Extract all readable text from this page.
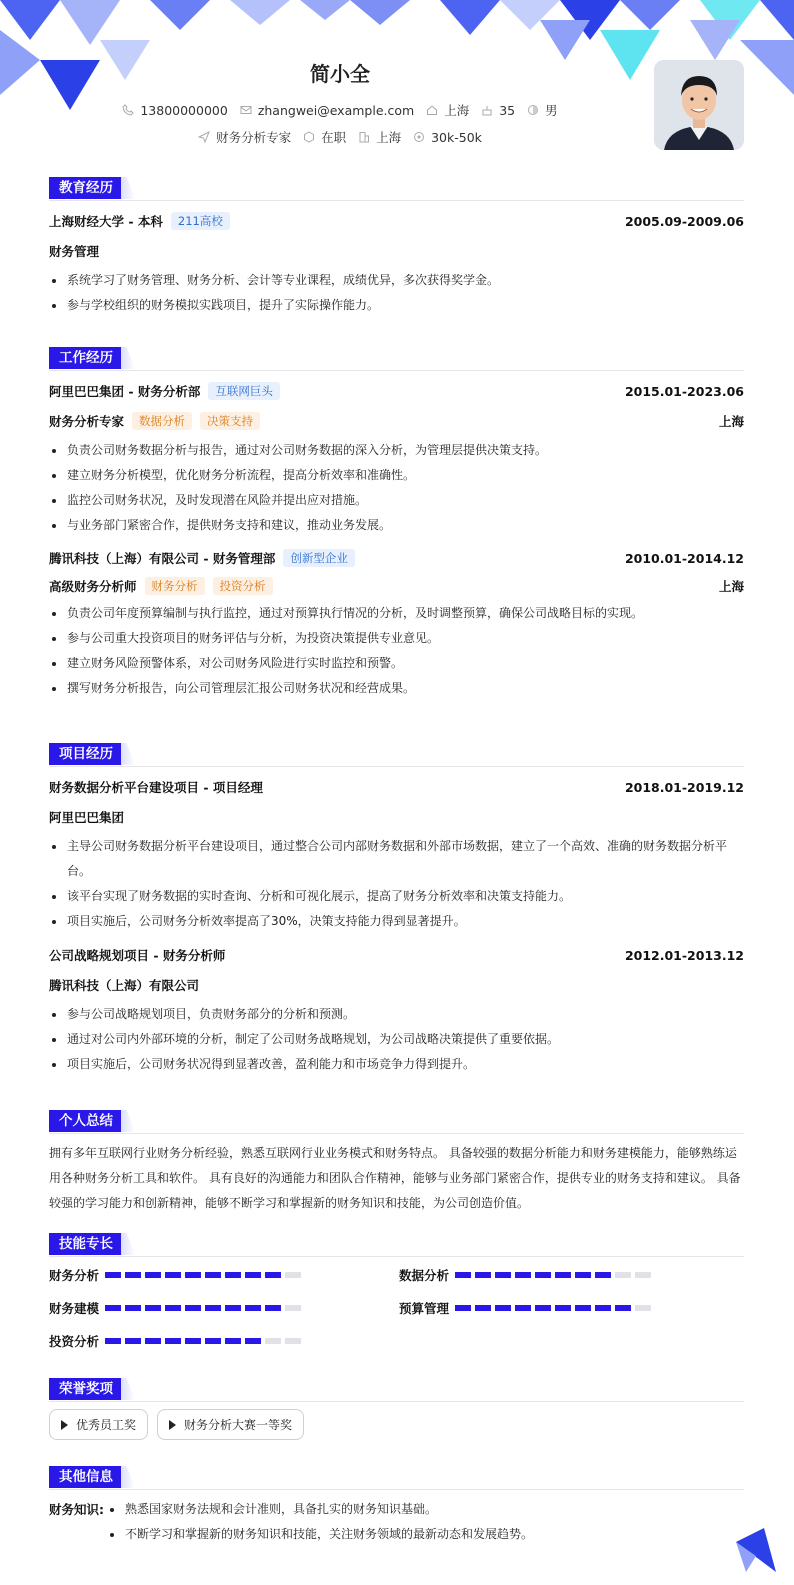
简小全
13800000000 zhangwei@example.com 上海 35 男
财务分析专家 在职 上海 30k-50k
教育经历
上海财经大学 - 本科	211高校	2005.09-2009.06
财务管理
系统学习了财务管理、财务分析、会计等专业课程，成绩优异，多次获得奖学金。
参与学校组织的财务模拟实践项目，提升了实际操作能力。
工作经历
阿里巴巴集团 - 财务分析部	互联网巨头	2015.01-2023.06
财务分析专家	数据分析	决策支持	上海
负责公司财务数据分析与报告，通过对公司财务数据的深入分析，为管理层提供决策支持。
建立财务分析模型，优化财务分析流程，提高分析效率和准确性。
监控公司财务状况，及时发现潜在风险并提出应对措施。
与业务部门紧密合作，提供财务支持和建议，推动业务发展。
腾讯科技（上海）有限公司 - 财务管理部	创新型企业	2010.01-2014.12
高级财务分析师	财务分析	投资分析	上海
负责公司年度预算编制与执行监控，通过对预算执行情况的分析，及时调整预算，确保公司战略目标的实现。
参与公司重大投资项目的财务评估与分析，为投资决策提供专业意见。
建立财务风险预警体系，对公司财务风险进行实时监控和预警。
撰写财务分析报告，向公司管理层汇报公司财务状况和经营成果。
项目经历
财务数据分析平台建设项目 - 项目经理	2018.01-2019.12
阿里巴巴集团
主导公司财务数据分析平台建设项目，通过整合公司内部财务数据和外部市场数据，建立了一个高效、准确的财务数据分析平台。
该平台实现了财务数据的实时查询、分析和可视化展示，提高了财务分析效率和决策支持能力。
项目实施后，公司财务分析效率提高了30%，决策支持能力得到显著提升。
公司战略规划项目 - 财务分析师	2012.01-2013.12
腾讯科技（上海）有限公司
参与公司战略规划项目，负责财务部分的分析和预测。
通过对公司内外部环境的分析，制定了公司财务战略规划，为公司战略决策提供了重要依据。
项目实施后，公司财务状况得到显著改善，盈利能力和市场竞争力得到提升。
个人总结

拥有多年互联网行业财务分析经验，熟悉互联网行业业务模式和财务特点。 具备较强的数据分析能力和财务建模能力，能够熟练运用各种财务分析工具和软件。 具有良好的沟通能力和团队合作精神，能够与业务部门紧密合作，提供专业的财务支持和建议。 具备较强的学习能力和创新精神，能够不断学习和掌握新的财务知识和技能，为公司创造价值。

技能专长
财务分析	数据分析
财务建模	预算管理
投资分析
荣誉奖项
优秀员工奖	财务分析大赛一等奖
其他信息
财务知识:	熟悉国家财务法规和会计准则，具备扎实的财务知识基础。
不断学习和掌握新的财务知识和技能，关注财务领域的最新动态和发展趋势。
